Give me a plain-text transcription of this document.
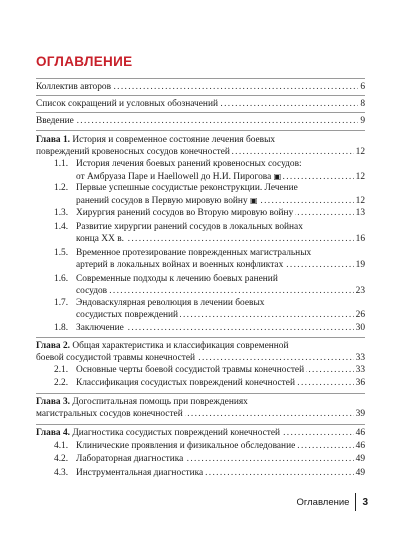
ОГЛАВЛЕНИЕ
Коллектив авторов . . .	6
Список сокращений и условных обозначений . . .	8
Введение . . .	9
Глава 1. История и современное состояние лечения боевых
повреждений кровеносных сосудов конечностей . . .	12
1.1. История лечения боевых ранений кровеносных сосудов:
от Амбруаза Паре и Haellowell до Н.И. Пирогова ▣ . . .	12
1.2. Первые успешные сосудистые реконструкции. Лечение
ранений сосудов в Первую мировую войну ▣ . . .	12
1.3. Хирургия ранений сосудов во Вторую мировую войну . . .	13
1.4. Развитие хирургии ранений сосудов в локальных войнах
конца XX в. . . .	16
1.5. Временное протезирование поврежденных магистральных
артерий в локальных войнах и военных конфликтах . . .	19
1.6. Современные подходы к лечению боевых ранений
сосудов . . .	23
1.7. Эндоваскулярная революция в лечении боевых
сосудистых повреждений . . .	26
1.8. Заключение . . .	30
Глава 2. Общая характеристика и классификация современной
боевой сосудистой травмы конечностей . . .	33
2.1. Основные черты боевой сосудистой травмы конечностей . . .	33
2.2. Классификация сосудистых повреждений конечностей . . .	36
Глава 3. Догоспитальная помощь при повреждениях
магистральных сосудов конечностей . . .	39
Глава 4. Диагностика сосудистых повреждений конечностей . . .	46
4.1. Клинические проявления и физикальное обследование . . .	46
4.2. Лабораторная диагностика . . .	49
4.3. Инструментальная диагностика . . .	49
Оглавление 3
